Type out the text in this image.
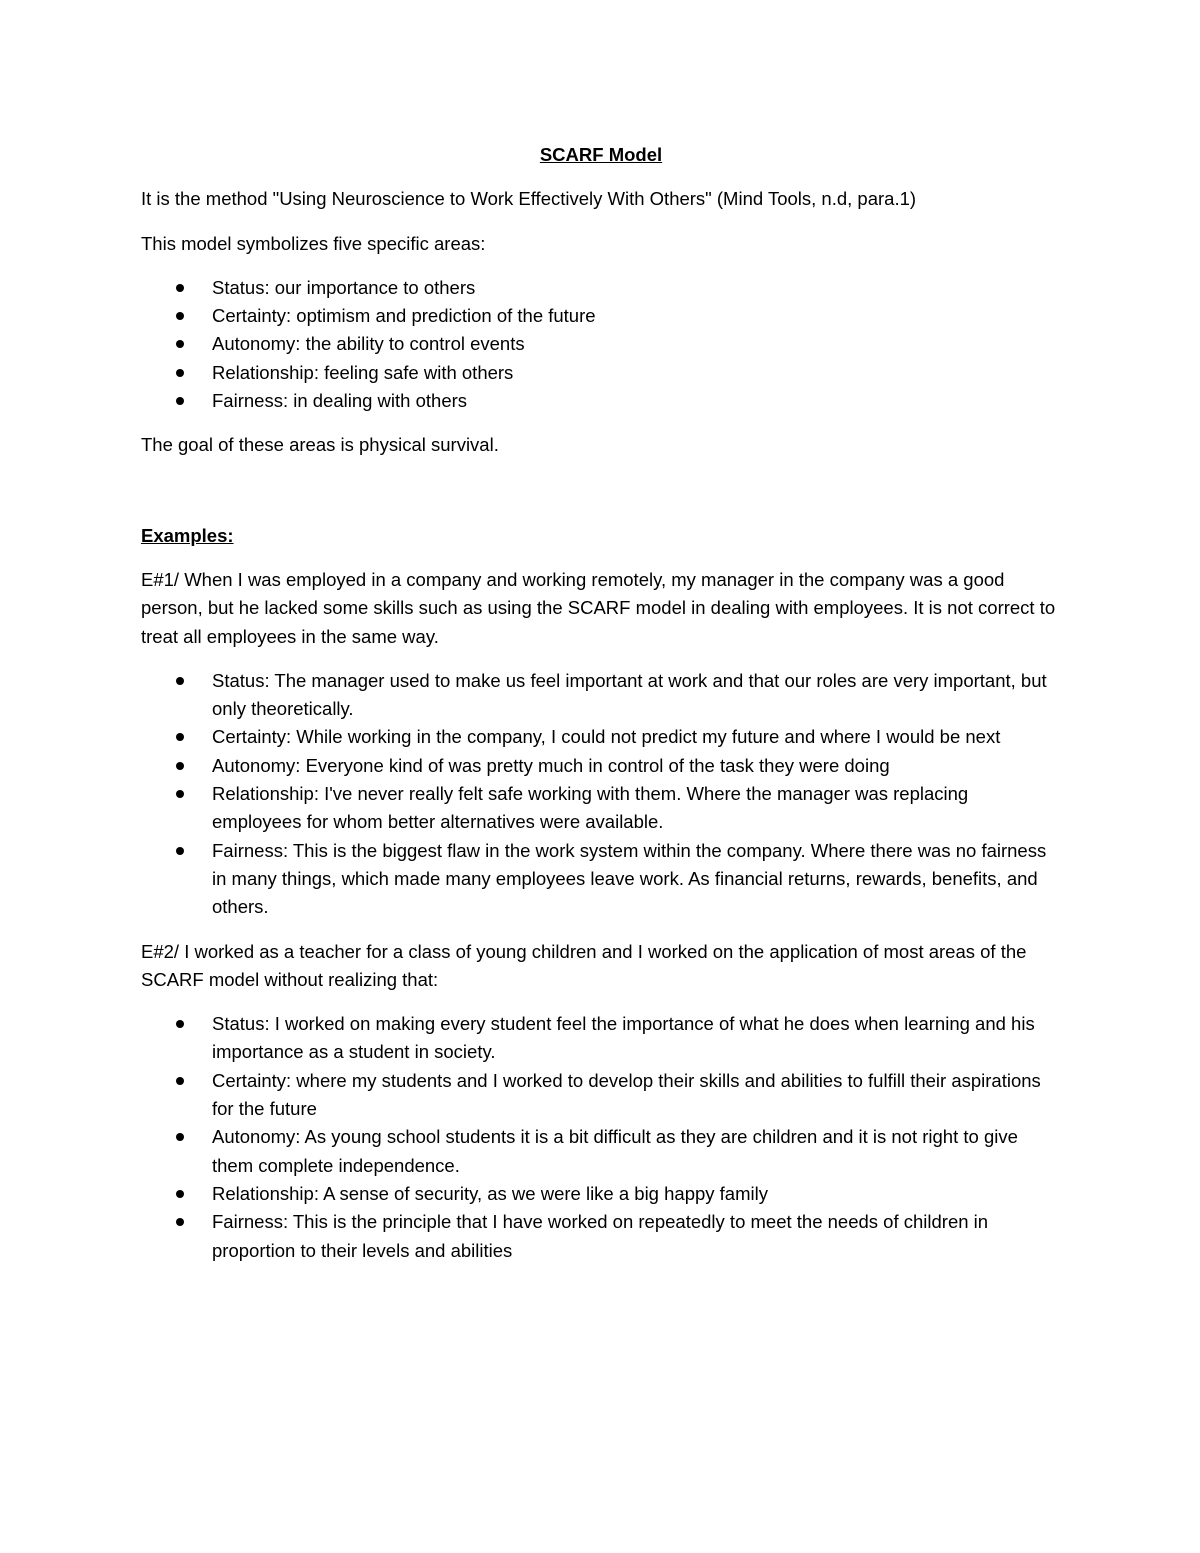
SCARF Model
It is the method "Using Neuroscience to Work Effectively With Others" (Mind Tools, n.d, para.1)
This model symbolizes five specific areas:
Status: our importance to others
Certainty: optimism and prediction of the future
Autonomy: the ability to control events
Relationship: feeling safe with others
Fairness: in dealing with others
The goal of these areas is physical survival.
Examples:
E#1/ When I was employed in a company and working remotely, my manager in the company was a good person, but he lacked some skills such as using the SCARF model in dealing with employees. It is not correct to treat all employees in the same way.
Status: The manager used to make us feel important at work and that our roles are very important, but only theoretically.
Certainty: While working in the company, I could not predict my future and where I would be next
Autonomy: Everyone kind of was pretty much in control of the task they were doing
Relationship: I've never really felt safe working with them. Where the manager was replacing employees for whom better alternatives were available.
Fairness: This is the biggest flaw in the work system within the company. Where there was no fairness in many things, which made many employees leave work. As financial returns, rewards, benefits, and others.
E#2/ I worked as a teacher for a class of young children and I worked on the application of most areas of the SCARF model without realizing that:
Status: I worked on making every student feel the importance of what he does when learning and his importance as a student in society.
Certainty: where my students and I worked to develop their skills and abilities to fulfill their aspirations for the future
Autonomy: As young school students it is a bit difficult as they are children and it is not right to give them complete independence.
Relationship: A sense of security, as we were like a big happy family
Fairness: This is the principle that I have worked on repeatedly to meet the needs of children in proportion to their levels and abilities
